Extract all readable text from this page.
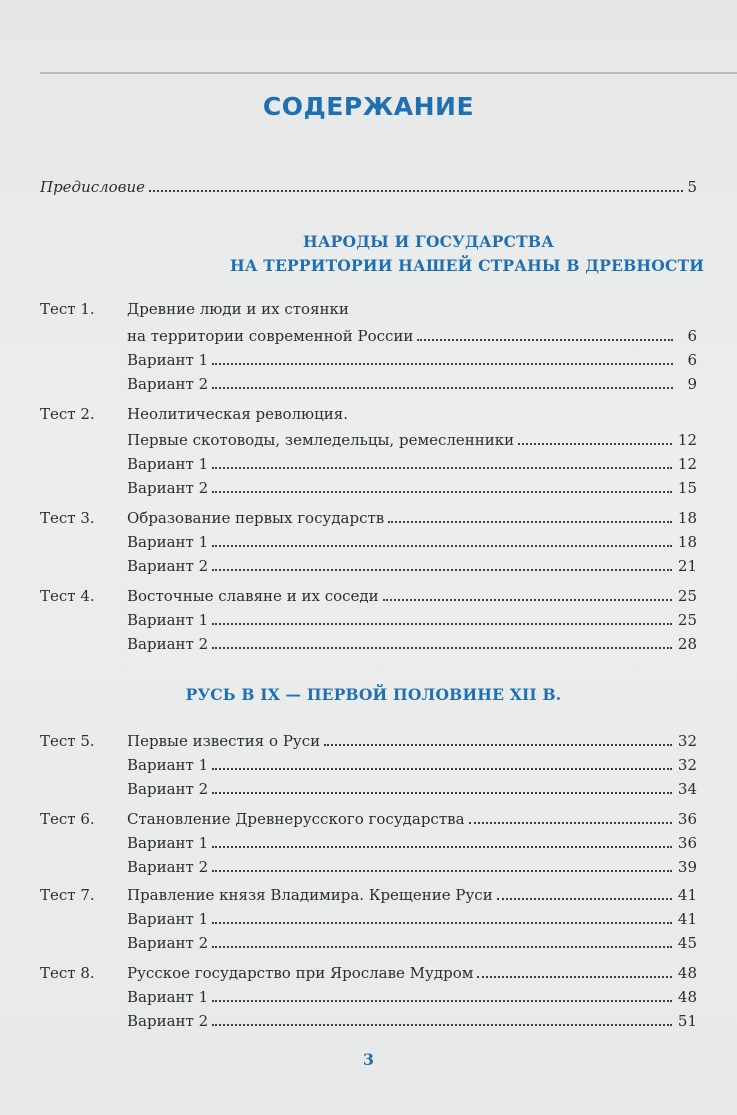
СОДЕРЖАНИЕ
Предисловие	5
НАРОДЫ И ГОСУДАРСТВА
НА ТЕРРИТОРИИ НАШЕЙ СТРАНЫ В ДРЕВНОСТИ
Тест 1. Древние люди и их стоянки
на территории современной России	6
Вариант 1	6
Вариант 2	9
Тест 2. Неолитическая революция.
Первые скотоводы, земледельцы, ремесленники	12
Вариант 1	12
Вариант 2	15
Тест 3. Образование первых государств	18
Вариант 1	18
Вариант 2	21
Тест 4. Восточные славяне и их соседи	25
Вариант 1	25
Вариант 2	28
Тест 5. Первые известия о Руси	32
Вариант 1	32
Вариант 2	34
Тест 6. Становление Древнерусского государства	36
Вариант 1	36
Вариант 2	39
Тест 7. Правление князя Владимира. Крещение Руси	41
Вариант 1	41
Вариант 2	45
Тест 8. Русское государство при Ярославе Мудром	48
Вариант 1	48
Вариант 2	51
РУСЬ В IX — ПЕРВОЙ ПОЛОВИНЕ XII В.
3
